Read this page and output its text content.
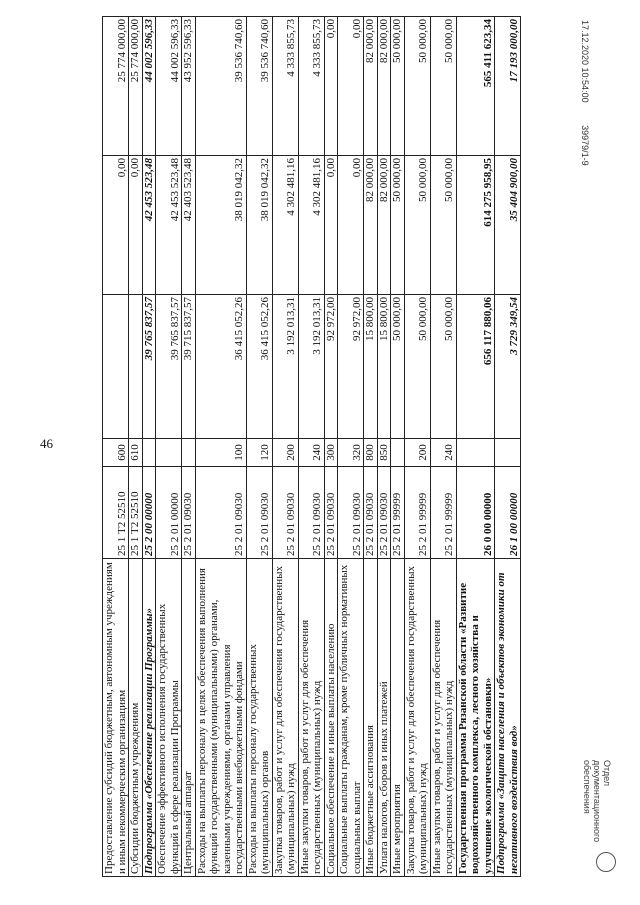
46
Предоставление субсидий бюджетным, автономным учреждениям и иным некоммерческим организациям	25 1 Т2 52510	600		0,00	25 774 000,00
Субсидии бюджетным учреждениям	25 1 Т2 52510	610		0,00	25 774 000,00
Подпрограмма «Обеспечение реализации Программы»	25 2 00 00000		39 765 837,57	42 453 523,48	44 002 596,33
Обеспечение эффективного исполнения государственных функций в сфере реализации Программы	25 2 01 00000		39 765 837,57	42 453 523,48	44 002 596,33
Центральный аппарат	25 2 01 09030		39 715 837,57	42 403 523,48	43 952 596,33
Расходы на выплаты персоналу в целях обеспечения выполнения функций государственными (муниципальными) органами, казенными учреждениями, органами управления государственными внебюджетными фондами	25 2 01 09030	100	36 415 052,26	38 019 042,32	39 536 740,60
Расходы на выплаты персоналу государственных (муниципальных) органов	25 2 01 09030	120	36 415 052,26	38 019 042,32	39 536 740,60
Закупка товаров, работ и услуг для обеспечения государственных (муниципальных) нужд	25 2 01 09030	200	3 192 013,31	4 302 481,16	4 333 855,73
Иные закупки товаров, работ и услуг для обеспечения государственных (муниципальных) нужд	25 2 01 09030	240	3 192 013,31	4 302 481,16	4 333 855,73
Социальное обеспечение и иные выплаты населению	25 2 01 09030	300	92 972,00	0,00	0,00
Социальные выплаты гражданам, кроме публичных нормативных социальных выплат	25 2 01 09030	320	92 972,00	0,00	0,00
Иные бюджетные ассигнования	25 2 01 09030	800	15 800,00	82 000,00	82 000,00
Уплата налогов, сборов и иных платежей	25 2 01 09030	850	15 800,00	82 000,00	82 000,00
Иные мероприятия	25 2 01 99999		50 000,00	50 000,00	50 000,00
Закупка товаров, работ и услуг для обеспечения государственных (муниципальных) нужд	25 2 01 99999	200	50 000,00	50 000,00	50 000,00
Иные закупки товаров, работ и услуг для обеспечения государственных (муниципальных) нужд	25 2 01 99999	240	50 000,00	50 000,00	50 000,00
Государственная программа Рязанской области «Развитие водохозяйственного комплекса, лесного хозяйства и улучшение экологической обстановки»	26 0 00 00000		656 117 880,06	614 275 958,95	565 411 623,34
Подпрограмма «Защита населения и объектов экономики от негативного воздействия вод»	26 1 00 00000		3 729 349,54	35 404 900,00	17 193 000,00	17.12.2020 10:54:00 39979/1-9
Отдел документационного обеспечения
